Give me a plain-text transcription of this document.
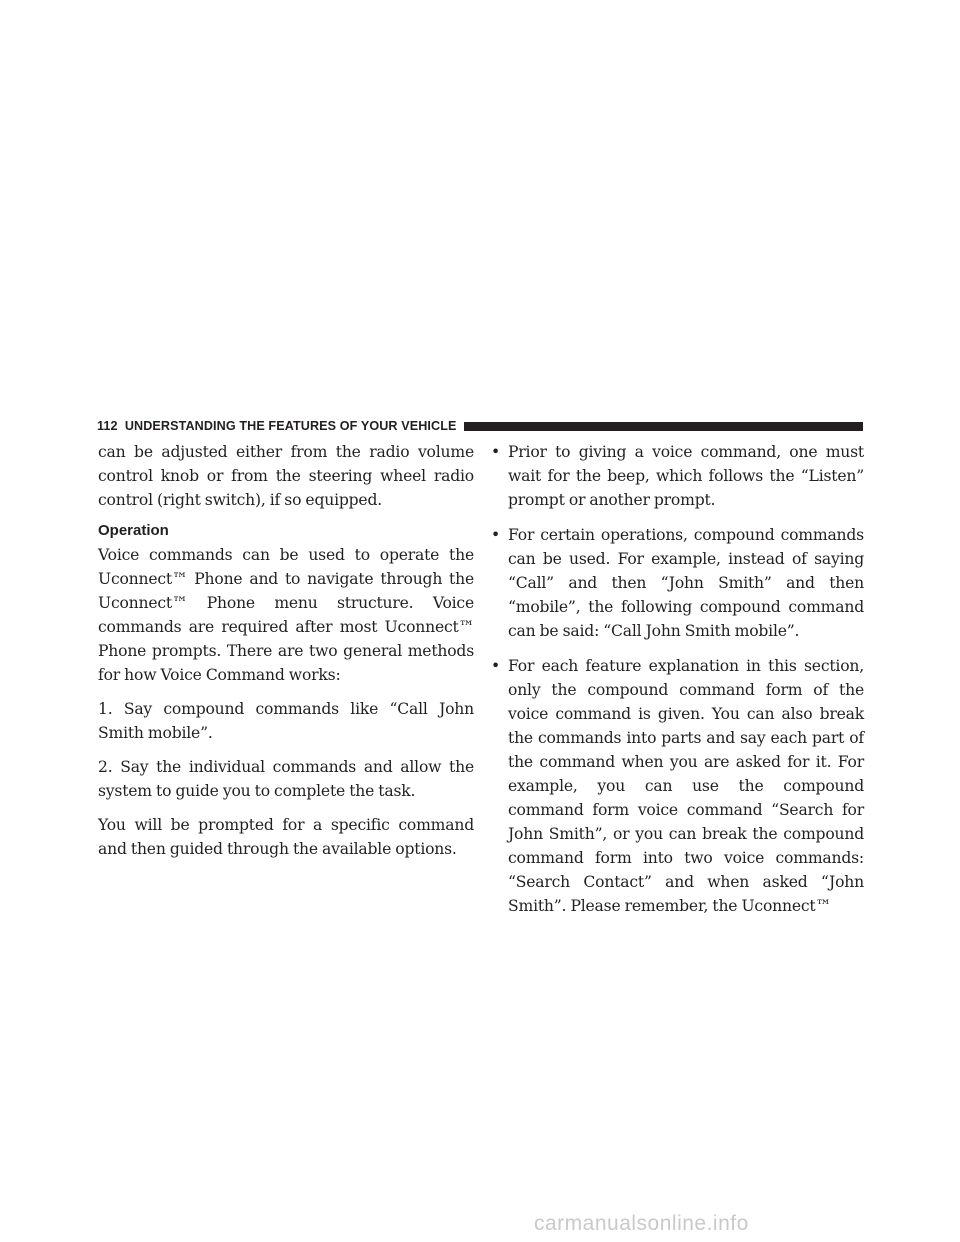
112 UNDERSTANDING THE FEATURES OF YOUR VEHICLE

can be adjusted either from the radio volume control knob or from the steering wheel radio control (right switch), if so equipped.

Operation

Voice commands can be used to operate the Uconnect™ Phone and to navigate through the Uconnect™ Phone menu structure. Voice commands are required after most Uconnect™ Phone prompts. There are two general methods for how Voice Command works:

1. Say compound commands like “Call John Smith mobile”.

2. Say the individual commands and allow the system to guide you to complete the task.

You will be prompted for a specific command and then guided through the available options.

• Prior to giving a voice command, one must wait for the beep, which follows the “Listen” prompt or another prompt.

• For certain operations, compound commands can be used. For example, instead of saying “Call” and then “John Smith” and then “mobile”, the following compound command can be said: “Call John Smith mobile”.

• For each feature explanation in this section, only the compound command form of the voice command is given. You can also break the commands into parts and say each part of the command when you are asked for it. For example, you can use the compound command form voice command “Search for John Smith”, or you can break the compound command form into two voice commands: “Search Contact” and when asked “John Smith”. Please remember, the Uconnect™

carmanualsonline.info
